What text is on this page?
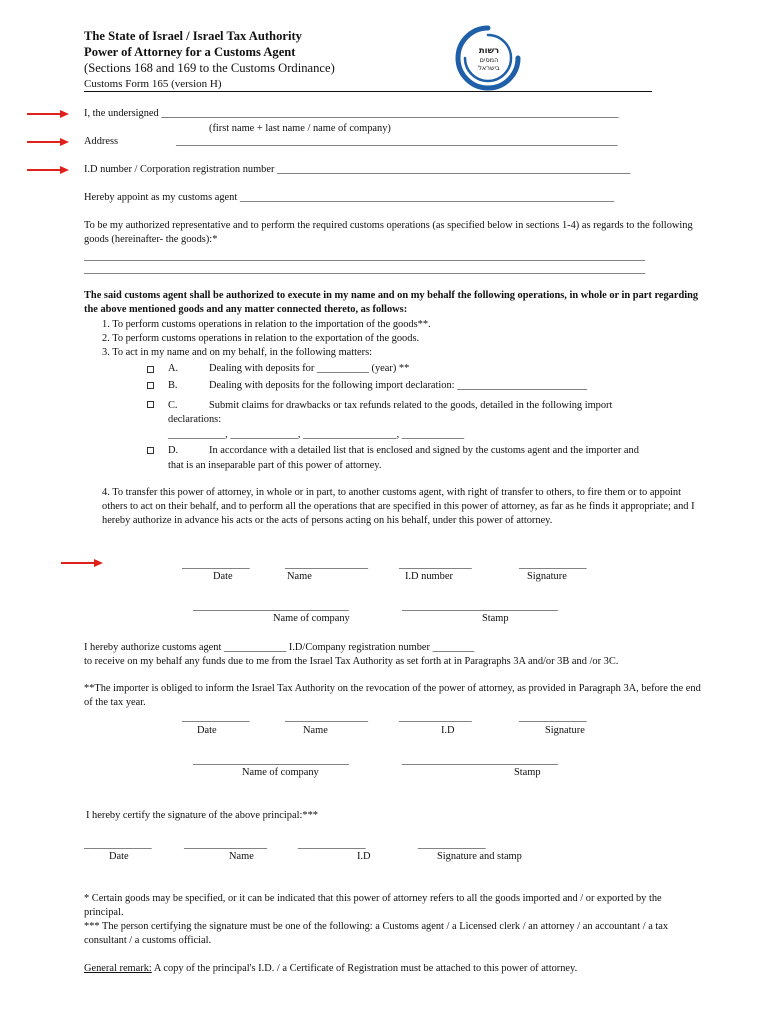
The State of Israel / Israel Tax Authority
Power of Attorney for a Customs Agent
(Sections 168 and 169 to the Customs Ordinance)
Customs Form 165 (version H)
רשות
המסים
בישראל
I, the undersigned ________________________________________________________________________________________
(first name + last name / name of company)
Address	_____________________________________________________________________________________
I.D number / Corporation registration number ____________________________________________________________________
Hereby appoint as my customs agent ________________________________________________________________________
To be my authorized representative and to perform the required customs operations (as specified below in sections 1-4) as regards to the following goods (hereinafter- the goods):*
____________________________________________________________________________________________________________
____________________________________________________________________________________________________________
The said customs agent shall be authorized to execute in my name and on my behalf the following operations, in whole or in part regarding the above mentioned goods and any matter connected thereto, as follows:
1. To perform customs operations in relation to the importation of the goods**.
2. To perform customs operations in relation to the exportation of the goods.
3. To act in my name and on my behalf, in the following matters:
A.	Dealing with deposits for __________ (year) **
B.	Dealing with deposits for the following import declaration: _________________________
C.	Submit claims for drawbacks or tax refunds related to the goods, detailed in the following import
declarations:
___________, _____________, __________________, ____________
D.	In accordance with a detailed list that is enclosed and signed by the customs agent and the importer and
that is an inseparable part of this power of attorney.
4. To transfer this power of attorney, in whole or in part, to another customs agent, with right of transfer to others, to fire them or to appoint others to act on their behalf, and to perform all the operations that are specified in this power of attorney, as far as he finds it appropriate; and I hereby authorize in advance his acts or the acts of persons acting on his behalf, under this power of attorney.
_____________	________________	______________	_____________
Date	Name	I.D number	Signature
______________________________	______________________________
Name of company	Stamp
I hereby authorize customs agent ____________ I.D/Company registration number ________
to receive on my behalf any funds due to me from the Israel Tax Authority as set forth at in Paragraphs 3A and/or 3B and /or 3C.
**The importer is obliged to inform the Israel Tax Authority on the revocation of the power of attorney, as provided in Paragraph 3A, before the end of the tax year.
_____________	________________	______________	_____________
Date	Name	I.D	Signature
______________________________	______________________________
Name of company	Stamp
I hereby certify the signature of the above principal:***
_____________	________________	_____________	_____________
Date	Name	I.D	Signature and stamp
* Certain goods may be specified, or it can be indicated that this power of attorney refers to all the goods imported and / or exported by the principal.
*** The person certifying the signature must be one of the following: a Customs agent / a Licensed clerk / an attorney / an accountant / a tax consultant / a customs official.
General remark: A copy of the principal's I.D. / a Certificate of Registration must be attached to this power of attorney.
